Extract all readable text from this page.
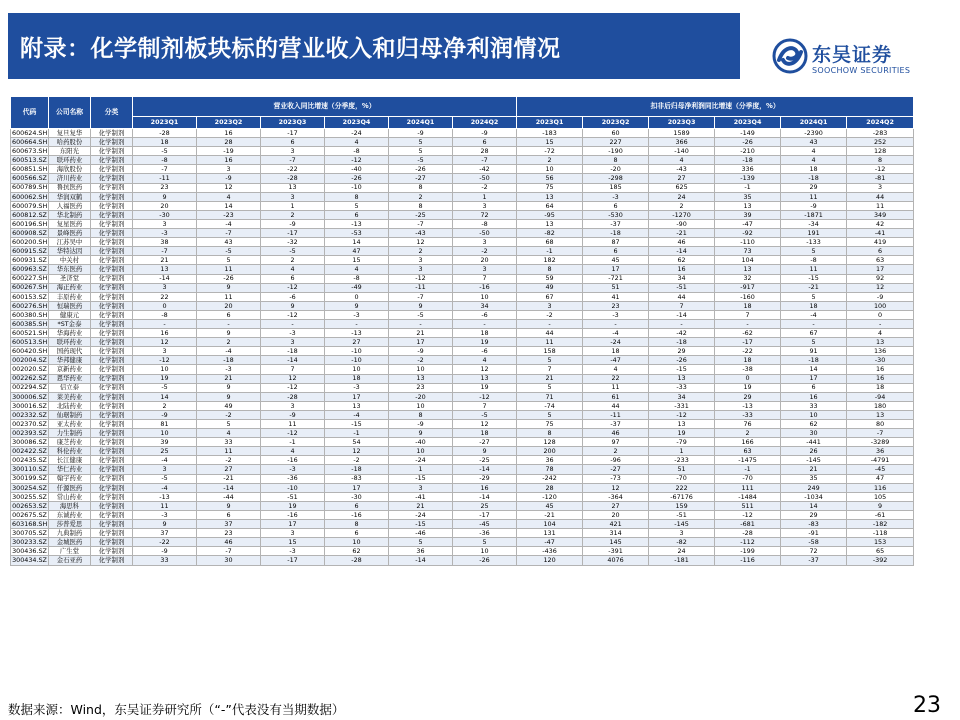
附录：化学制剂板块标的营业收入和归母净利润情况	东吴证券
SOOCHOW SECURITIES
代码	公司名称	分类	营业收入同比增速（分季度，%）						扣非后归母净利润同比增速（分季度，%）					
			2023Q1	2023Q2	2023Q3	2023Q4	2024Q1	2024Q2	2023Q1	2023Q2	2023Q3	2023Q4	2024Q1	2024Q2
600624.SH	复旦复华	化学制剂	-28	16	-17	-24	-9	-9	-183	60	1589	-149	-2390	-283
600664.SH	哈药股份	化学制剂	18	28	6	4	5	6	15	227	366	-26	43	252
600673.SH	东阳光	化学制剂	-5	-19	3	-8	5	28	-72	-190	-140	-210	4	128
600513.SZ	联环药业	化学制剂	-8	16	-7	-12	-5	-7	2	8	4	-18	4	8
600851.SH	海欣股份	化学制剂	-7	3	-22	-40	-26	-42	10	-20	-43	336	18	-12
600566.SZ	济川药业	化学制剂	-11	-9	-28	-26	-27	-50	56	-298	27	-139	-18	-81
600789.SH	鲁抗医药	化学制剂	23	12	13	-10	8	-2	75	185	625	-1	29	3
600062.SH	华润双鹤	化学制剂	9	4	3	8	2	1	13	-3	24	35	11	44
600079.SH	人福医药	化学制剂	20	14	1	5	8	3	64	6	2	13	-9	11
600812.SZ	华北制药	化学制剂	-30	-23	2	6	-25	72	-95	-530	-1270	39	-1871	349
600196.SH	复星医药	化学制剂	3	-4	-9	-13	-7	-8	13	-37	-90	-47	-34	42
600908.SZ	景峰医药	化学制剂	-3	-7	-17	-53	-43	-50	-82	-18	-21	-92	191	-41
600200.SH	江苏吴中	化学制剂	38	43	-32	14	12	3	68	87	46	-110	-133	419
600915.SZ	华特达因	化学制剂	-7	-5	-5	47	2	-2	-1	6	-14	73	5	6
600931.SZ	中关村	化学制剂	21	5	2	15	3	20	182	45	62	104	-8	63
600963.SZ	华东医药	化学制剂	13	11	4	4	3	3	8	17	16	13	11	17
600227.SH	圣济堂	化学制剂	-14	-26	6	-8	-12	7	59	-721	34	32	-15	92
600267.SH	海正药业	化学制剂	3	9	-12	-49	-11	-16	49	51	-51	-917	-21	12
600153.SZ	丰原药业	化学制剂	22	11	-6	0	-7	10	67	41	44	-160	5	-9
600276.SH	恒瑞医药	化学制剂	0	20	9	9	9	34	3	23	7	18	18	100
600380.SH	健康元	化学制剂	-8	6	-12	-3	-5	-6	-2	-3	-14	7	-4	0
600385.SH	*ST金泰	化学制剂	-	-	-	-	-	-	-	-	-	-	-	-
600521.SH	华海药业	化学制剂	16	9	-3	-13	21	18	44	-4	-42	-62	67	4
600513.SH	联环药业	化学制剂	12	2	3	27	17	19	11	-24	-18	-17	5	13
600420.SH	国药现代	化学制剂	3	-4	-18	-10	-9	-6	158	18	29	-22	91	136
002004.SZ	华邦健康	化学制剂	-12	-18	-14	-10	-2	4	5	-47	-26	18	-18	-30
002020.SZ	京新药业	化学制剂	10	-3	7	10	10	12	7	4	-15	-38	14	16
002262.SZ	恩华药业	化学制剂	19	21	12	18	13	13	21	22	13	0	17	16
002294.SZ	信立泰	化学制剂	-5	9	-12	-3	23	19	5	11	-33	19	6	18
300006.SZ	莱美药业	化学制剂	14	9	-28	17	-20	-12	71	61	34	29	16	-94
300016.SZ	北陆药业	化学制剂	2	49	3	13	10	7	-74	44	-331	-13	33	180
002332.SZ	仙琚制药	化学制剂	-9	-2	-9	-4	8	-5	5	-11	-12	-33	10	13
002370.SZ	亚太药业	化学制剂	81	5	11	-15	-9	12	75	-37	13	76	62	80
002393.SZ	力生制药	化学制剂	10	4	-12	-1	9	18	8	46	19	2	30	-7
300086.SZ	康芝药业	化学制剂	39	33	-1	54	-40	-27	128	97	-79	166	-441	-3289
002422.SZ	科伦药业	化学制剂	25	11	4	12	10	9	200	2	1	63	26	36
002435.SZ	长江健康	化学制剂	-4	-2	-16	-2	-24	-25	36	-96	-233	-1475	-145	-4791
300110.SZ	华仁药业	化学制剂	3	27	-3	-18	1	-14	78	-27	51	-1	21	-45
300199.SZ	翰宇药业	化学制剂	-5	-21	-36	-83	-15	-29	-242	-73	-70	-70	35	47
300254.SZ	仟源医药	化学制剂	-4	-14	-10	17	3	16	28	12	222	111	249	116
300255.SZ	常山药业	化学制剂	-13	-44	-51	-30	-41	-14	-120	-364	-67176	-1484	-1034	105
002653.SZ	海思科	化学制剂	11	9	19	6	21	25	45	27	159	511	14	9
002675.SZ	东诚药业	化学制剂	-3	6	-16	-16	-24	-17	-21	20	-51	-12	29	-61
603168.SH	莎普爱思	化学制剂	9	37	17	8	-15	-45	104	421	-145	-681	-83	-182
300705.SZ	九典制药	化学制剂	37	23	3	6	-46	-36	131	314	3	-28	-91	-118
300233.SZ	金城医药	化学制剂	-22	46	15	10	5	5	-47	145	-82	-112	-58	153
300436.SZ	广生堂	化学制剂	-9	-7	-3	62	36	10	-436	-391	24	-199	72	65
300434.SZ	金石亚药	化学制剂	33	30	-17	-28	-14	-26	120	4076	-181	-116	-37	-392
数据来源：Wind，东吴证券研究所（“-”代表没有当期数据）	23
